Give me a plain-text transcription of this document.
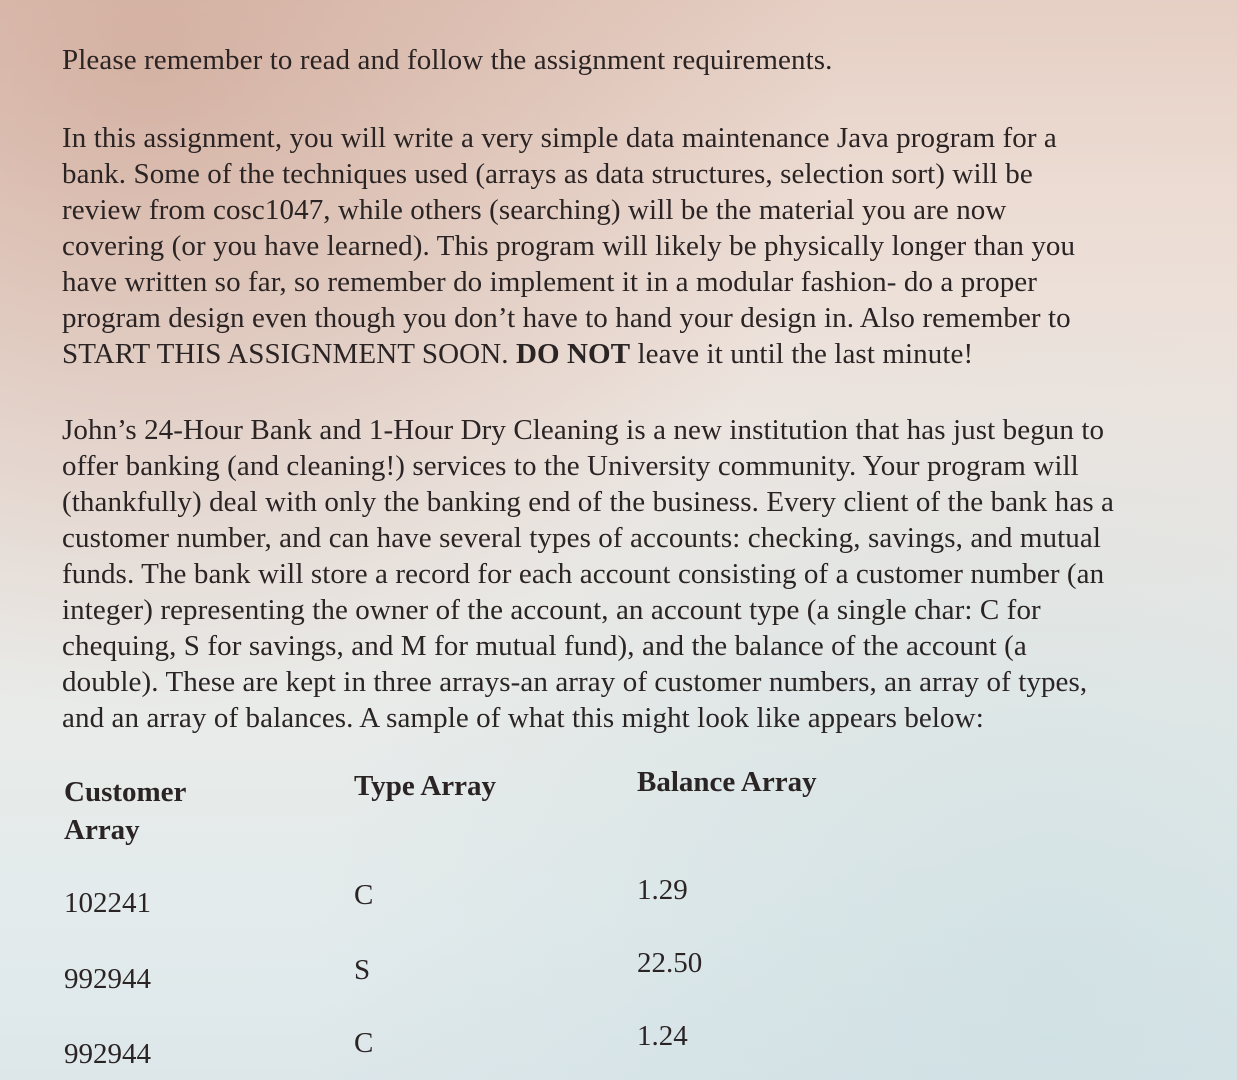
Please remember to read and follow the assignment requirements.

In this assignment, you will write a very simple data maintenance Java program for a

bank. Some of the techniques used (arrays as data structures, selection sort) will be

review from cosc1047, while others (searching) will be the material you are now

covering (or you have learned). This program will likely be physically longer than you

have written so far, so remember do implement it in a modular fashion- do a proper

program design even though you don’t have to hand your design in. Also remember to

START THIS ASSIGNMENT SOON. DO NOT leave it until the last minute!

John’s 24-Hour Bank and 1-Hour Dry Cleaning is a new institution that has just begun to

offer banking (and cleaning!) services to the University community. Your program will

(thankfully) deal with only the banking end of the business. Every client of the bank has a

customer number, and can have several types of accounts: checking, savings, and mutual

funds. The bank will store a record for each account consisting of a customer number (an

integer) representing the owner of the account, an account type (a single char: C for

chequing, S for savings, and M for mutual fund), and the balance of the account (a

double). These are kept in three arrays-an array of customer numbers, an array of types,

and an array of balances. A sample of what this might look like appears below:

Customer
Array
102241
992944
992944
Type Array
C
S
C
Balance Array
1.29
22.50
1.24
